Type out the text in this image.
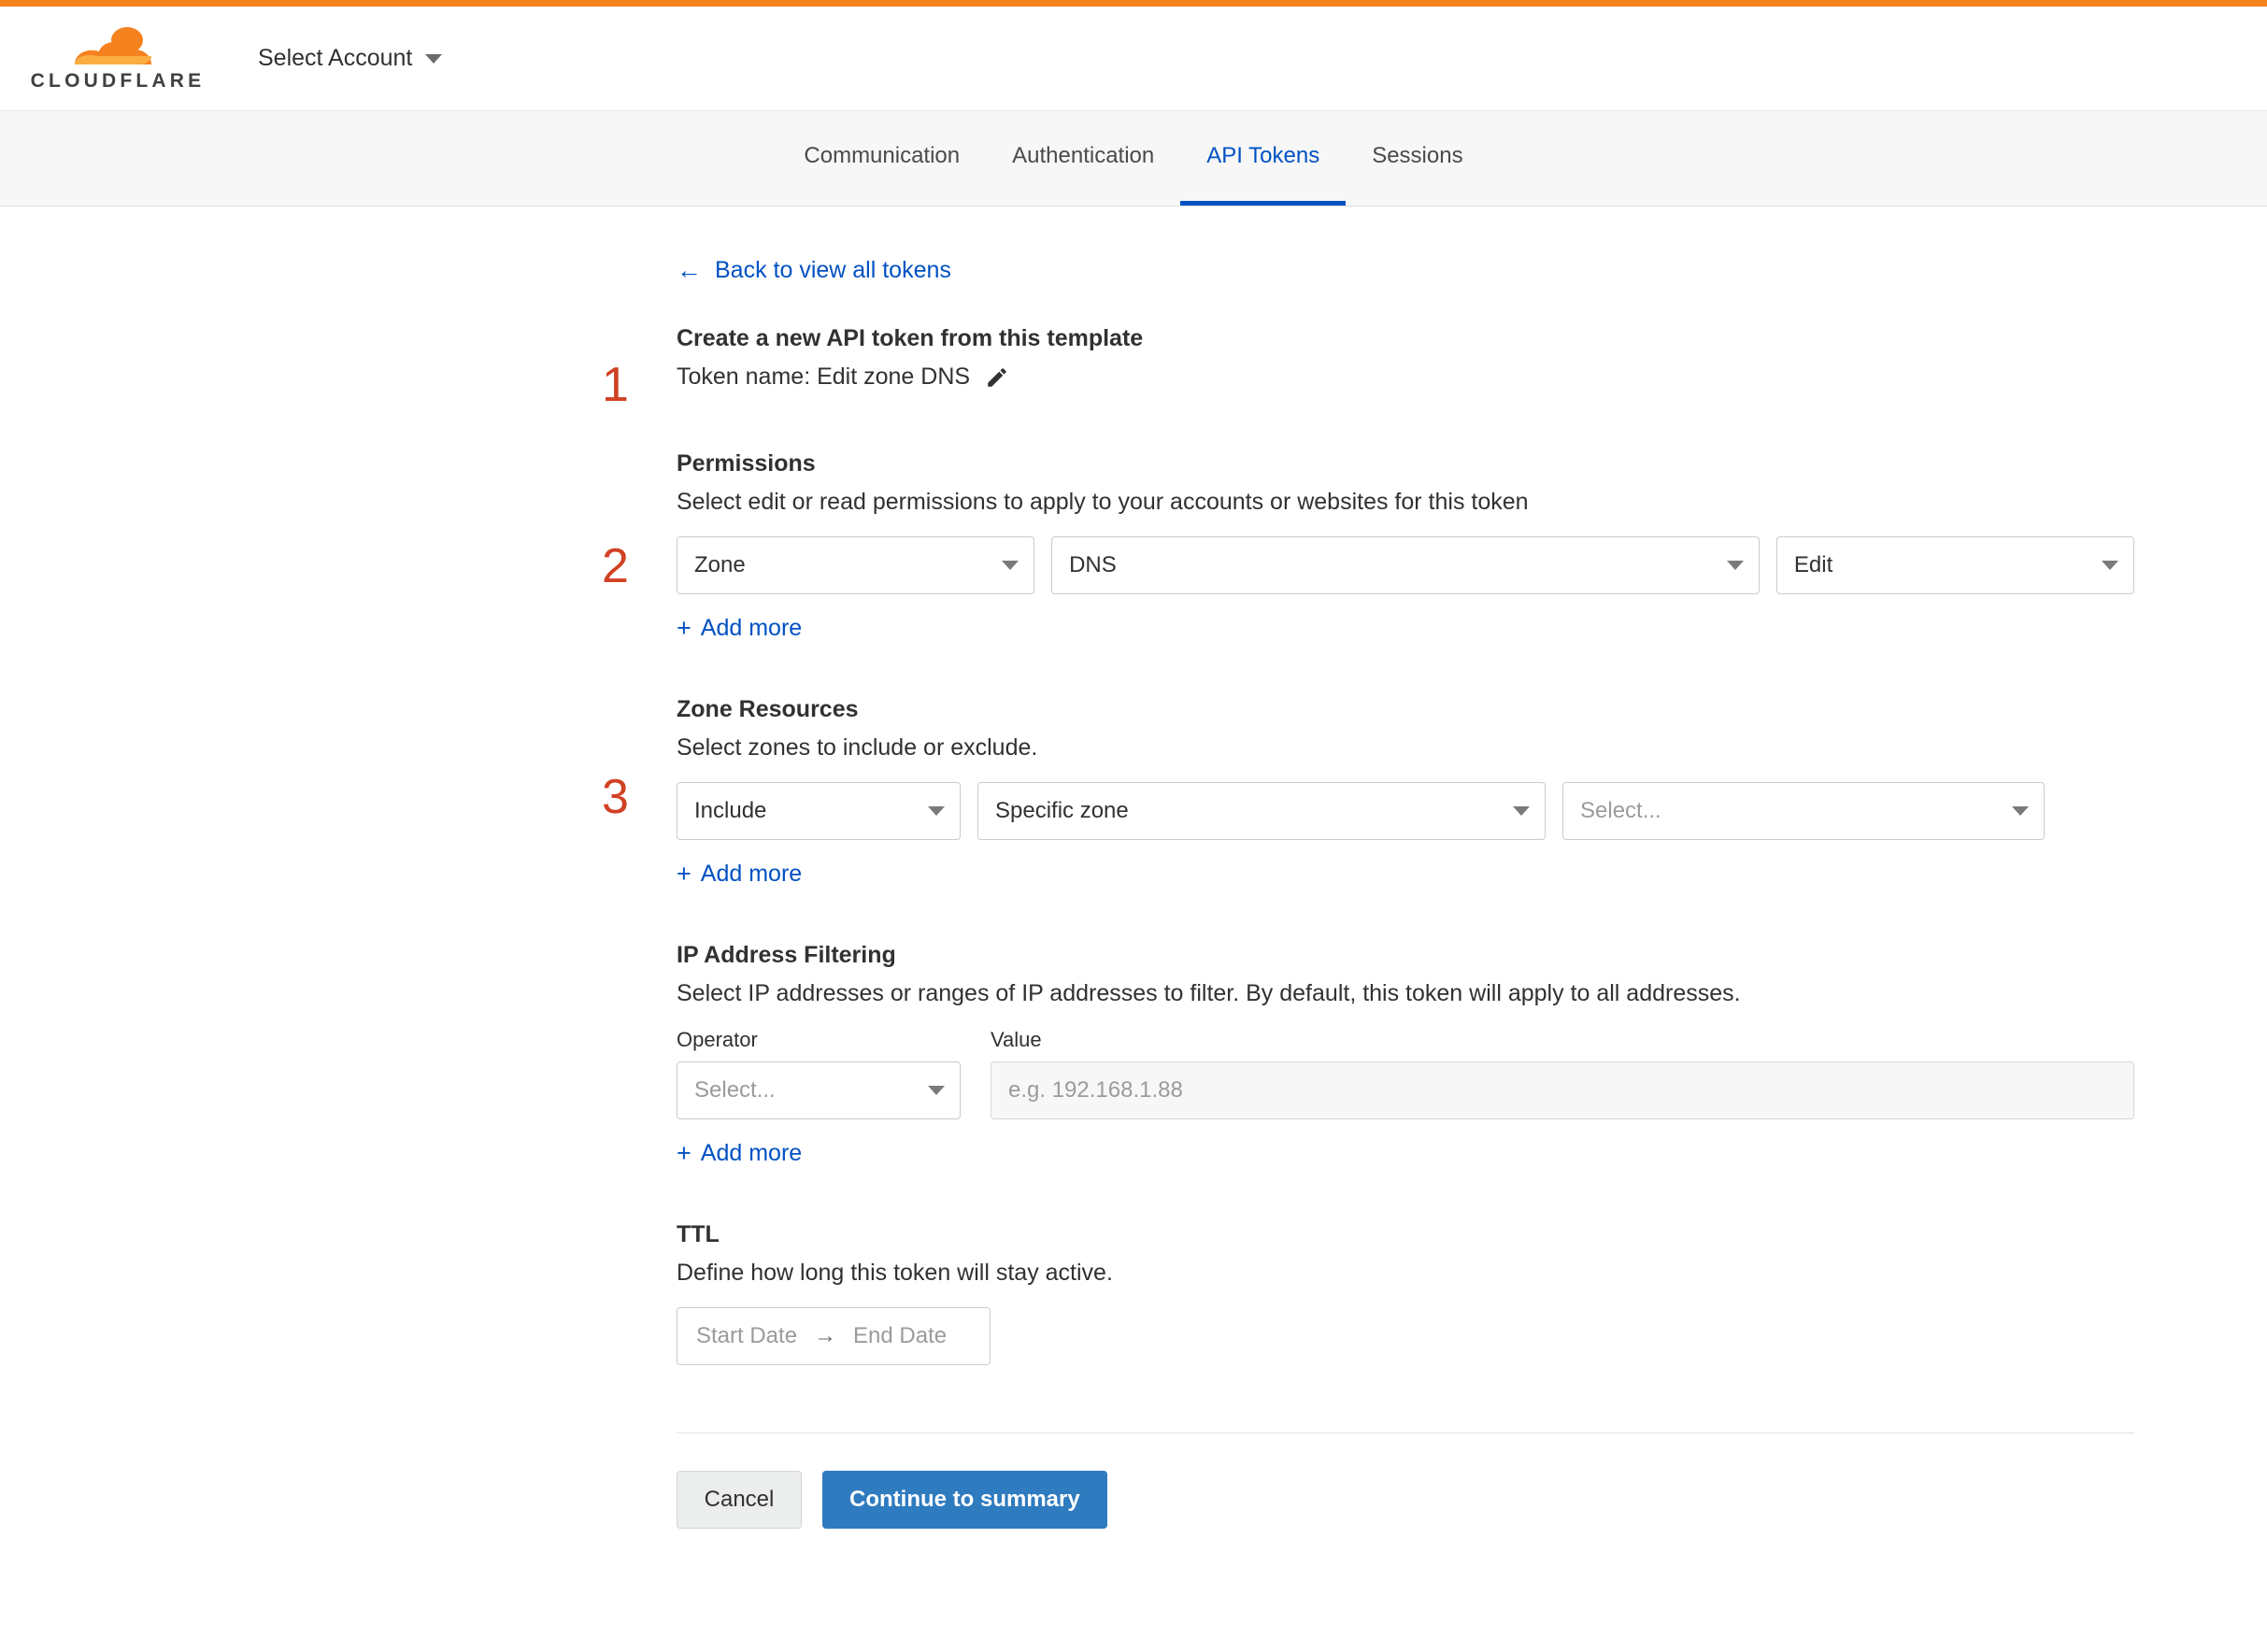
CLOUDFLARE
Select Account
Communication Authentication API Tokens Sessions
← Back to view all tokens
1
Create a new API token from this template
Token name: Edit zone DNS
2
Permissions

Select edit or read permissions to apply to your accounts or websites for this token

Zone	DNS	Edit
+ Add more
3
Zone Resources

Select zones to include or exclude.

Include	Specific zone	Select...
+ Add more
IP Address Filtering

Select IP addresses or ranges of IP addresses to filter. By default, this token will apply to all addresses.

Operator
Select...
Value
e.g. 192.168.1.88
+ Add more
TTL

Define how long this token will stay active.

Start Date → End Date
Cancel	Continue to summary
